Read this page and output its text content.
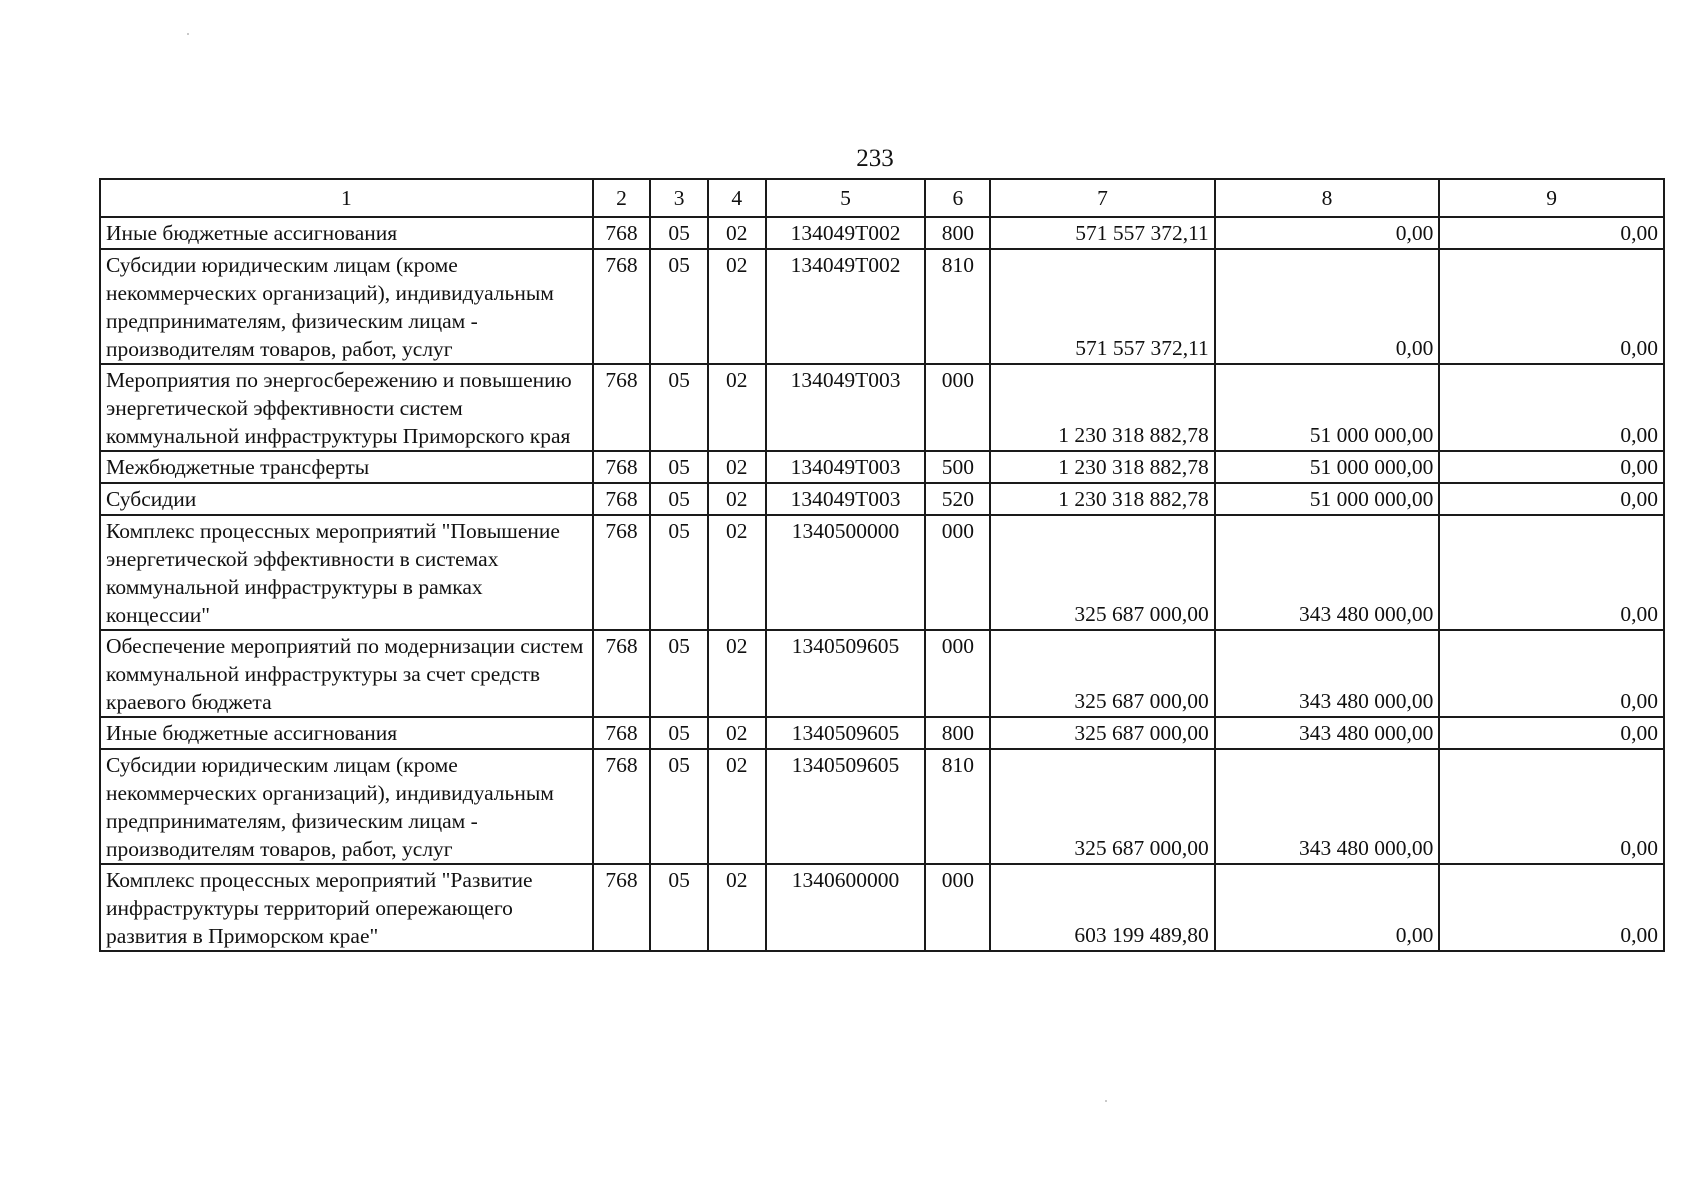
233
1	2	3	4	5	6	7	8	9
Иные бюджетные ассигнования	768	05	02	134049T002	800	571 557 372,11	0,00	0,00
Субсидии юридическим лицам (кроме некоммерческих организаций), индивидуальным предпринимателям, физическим лицам - производителям товаров, работ, услуг	768	05	02	134049T002	810	571 557 372,11	0,00	0,00
Мероприятия по энергосбережению и повышению энергетической эффективности систем коммунальной инфраструктуры Приморского края	768	05	02	134049T003	000	1 230 318 882,78	51 000 000,00	0,00
Межбюджетные трансферты	768	05	02	134049T003	500	1 230 318 882,78	51 000 000,00	0,00
Субсидии	768	05	02	134049T003	520	1 230 318 882,78	51 000 000,00	0,00
Комплекс процессных мероприятий "Повышение энергетической эффективности в системах коммунальной инфраструктуры в рамках концессии"	768	05	02	1340500000	000	325 687 000,00	343 480 000,00	0,00
Обеспечение мероприятий по модернизации систем коммунальной инфраструктуры за счет средств краевого бюджета	768	05	02	1340509605	000	325 687 000,00	343 480 000,00	0,00
Иные бюджетные ассигнования	768	05	02	1340509605	800	325 687 000,00	343 480 000,00	0,00
Субсидии юридическим лицам (кроме некоммерческих организаций), индивидуальным предпринимателям, физическим лицам - производителям товаров, работ, услуг	768	05	02	1340509605	810	325 687 000,00	343 480 000,00	0,00
Комплекс процессных мероприятий "Развитие инфраструктуры территорий опережающего развития в Приморском крае"	768	05	02	1340600000	000	603 199 489,80	0,00	0,00
